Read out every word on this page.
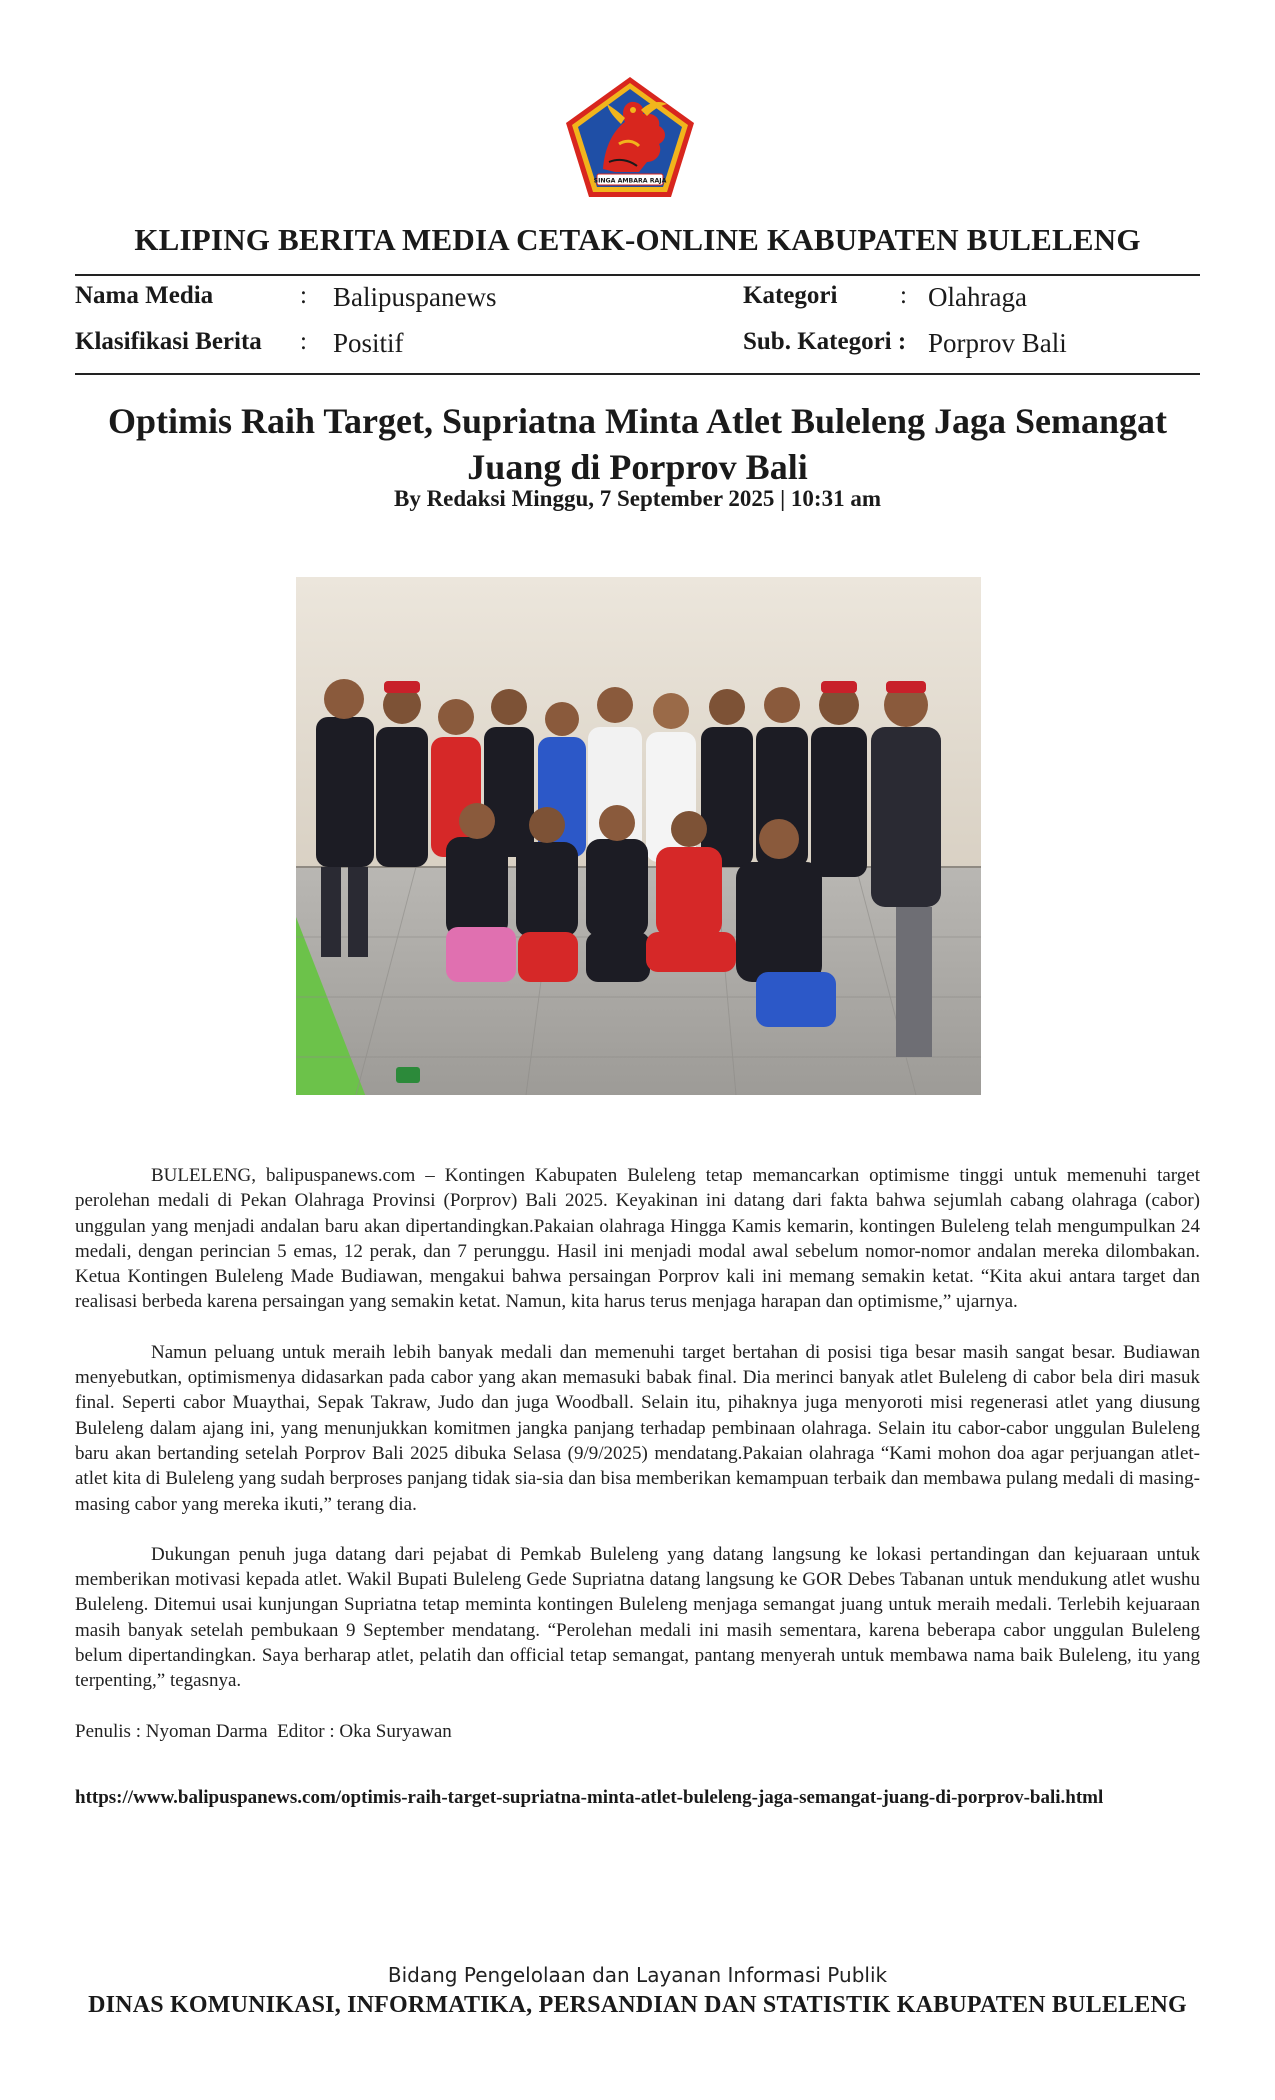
SINGA AMBARA RAJA
KLIPING BERITA MEDIA CETAK-ONLINE KABUPATEN BULELENG
Nama Media	: Balipuspanews	Kategori	: Olahraga
Klasifikasi Berita : Positif	Sub. Kategori : Porprov Bali
Optimis Raih Target, Supriatna Minta Atlet Buleleng Jaga Semangat Juang di Porprov Bali
By Redaksi Minggu, 7 September 2025 | 10:31 am

BULELENG, balipuspanews.com – Kontingen Kabupaten Buleleng tetap memancarkan optimisme tinggi untuk memenuhi target perolehan medali di Pekan Olahraga Provinsi (Porprov) Bali 2025. Keyakinan ini datang dari fakta bahwa sejumlah cabang olahraga (cabor) unggulan yang menjadi andalan baru akan dipertandingkan.Pakaian olahraga Hingga Kamis kemarin, kontingen Buleleng telah mengumpulkan 24 medali, dengan perincian 5 emas, 12 perak, dan 7 perunggu. Hasil ini menjadi modal awal sebelum nomor-nomor andalan mereka dilombakan. Ketua Kontingen Buleleng Made Budiawan, mengakui bahwa persaingan Porprov kali ini memang semakin ketat. “Kita akui antara target dan realisasi berbeda karena persaingan yang semakin ketat. Namun, kita harus terus menjaga harapan dan optimisme,” ujarnya.

Namun peluang untuk meraih lebih banyak medali dan memenuhi target bertahan di posisi tiga besar masih sangat besar. Budiawan menyebutkan, optimismenya didasarkan pada cabor yang akan memasuki babak final. Dia merinci banyak atlet Buleleng di cabor bela diri masuk final. Seperti cabor Muaythai, Sepak Takraw, Judo dan juga Woodball. Selain itu, pihaknya juga menyoroti misi regenerasi atlet yang diusung Buleleng dalam ajang ini, yang menunjukkan komitmen jangka panjang terhadap pembinaan olahraga. Selain itu cabor-cabor unggulan Buleleng baru akan bertanding setelah Porprov Bali 2025 dibuka Selasa (9/9/2025) mendatang.Pakaian olahraga “Kami mohon doa agar perjuangan atlet-atlet kita di Buleleng yang sudah berproses panjang tidak sia-sia dan bisa memberikan kemampuan terbaik dan membawa pulang medali di masing-masing cabor yang mereka ikuti,” terang dia.

Dukungan penuh juga datang dari pejabat di Pemkab Buleleng yang datang langsung ke lokasi pertandingan dan kejuaraan untuk memberikan motivasi kepada atlet. Wakil Bupati Buleleng Gede Supriatna datang langsung ke GOR Debes Tabanan untuk mendukung atlet wushu Buleleng. Ditemui usai kunjungan Supriatna tetap meminta kontingen Buleleng menjaga semangat juang untuk meraih medali. Terlebih kejuaraan masih banyak setelah pembukaan 9 September mendatang. “Perolehan medali ini masih sementara, karena beberapa cabor unggulan Buleleng belum dipertandingkan. Saya berharap atlet, pelatih dan official tetap semangat, pantang menyerah untuk membawa nama baik Buleleng, itu yang terpenting,” tegasnya.

Penulis : Nyoman Darma  Editor : Oka Suryawan

https://www.balipuspanews.com/optimis-raih-target-supriatna-minta-atlet-buleleng-jaga-semangat-juang-di-porprov-bali.html
Bidang Pengelolaan dan Layanan Informasi Publik
DINAS KOMUNIKASI, INFORMATIKA, PERSANDIAN DAN STATISTIK KABUPATEN BULELENG
